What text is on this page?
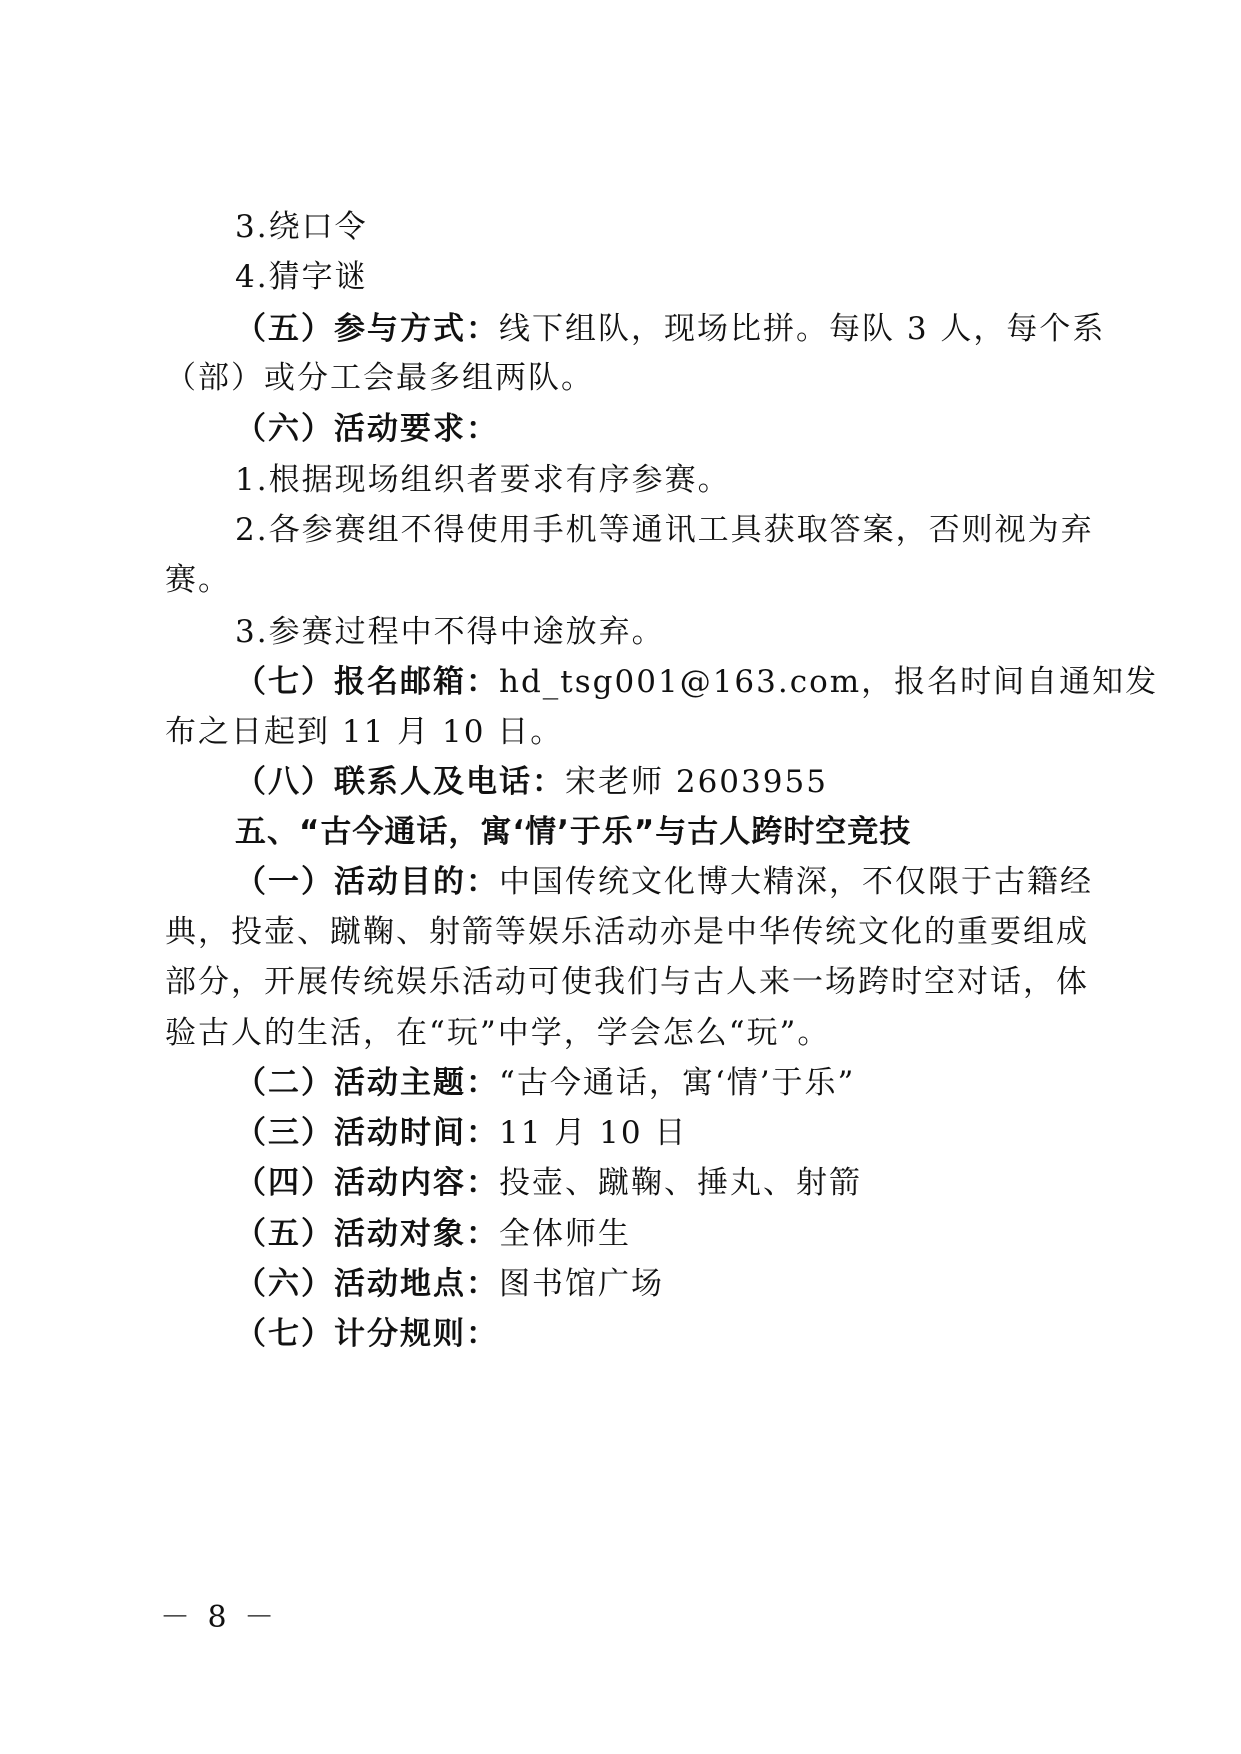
3.绕口令
4.猜字谜
（五）参与方式：线下组队，现场比拼。每队 3 人，每个系
（部）或分工会最多组两队。
（六）活动要求：
1.根据现场组织者要求有序参赛。
2.各参赛组不得使用手机等通讯工具获取答案，否则视为弃
赛。
3.参赛过程中不得中途放弃。
（七）报名邮箱：hd_tsg001@163.com，报名时间自通知发
布之日起到 11 月 10 日。
（八）联系人及电话：宋老师 2603955
五、“古今通话，寓‘情’于乐”与古人跨时空竞技
（一）活动目的：中国传统文化博大精深，不仅限于古籍经
典，投壶、蹴鞠、射箭等娱乐活动亦是中华传统文化的重要组成
部分，开展传统娱乐活动可使我们与古人来一场跨时空对话，体
验古人的生活，在“玩”中学，学会怎么“玩”。
（二）活动主题：“古今通话，寓‘情’于乐”
（三）活动时间：11 月 10 日
（四）活动内容：投壶、蹴鞠、捶丸、射箭
（五）活动对象：全体师生
（六）活动地点：图书馆广场
（七）计分规则：
－ 8 －
